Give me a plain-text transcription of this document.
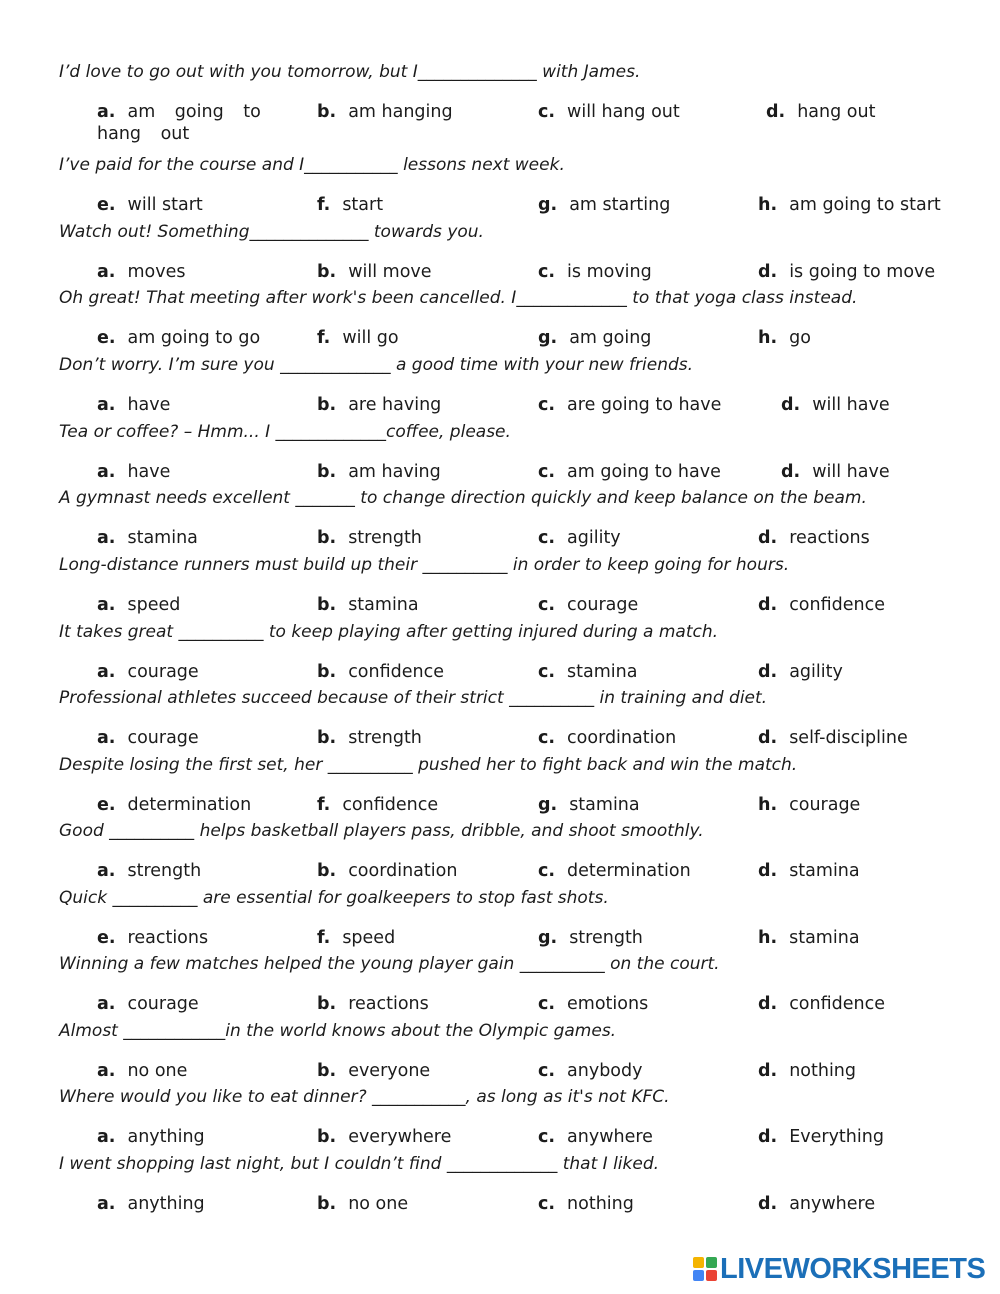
I’d love to go out with you tomorrow, but I______________ with James.
a. am going to hang out
b. am hanging	c. will hang out	d. hang out
I’ve paid for the course and I___________ lessons next week.
e. will start	f. start	g. am starting	h. am going to start
Watch out! Something______________ towards you.
a. moves	b. will move	c. is moving	d. is going to move
Oh great! That meeting after work's been cancelled. I_____________ to that yoga class instead.
e. am going to go	f. will go	g. am going	h. go
Don’t worry. I’m sure you _____________ a good time with your new friends.
a. have	b. are having	c. are going to have	d. will have
Tea or coffee? – Hmm... I _____________coffee, please.
a. have	b. am having	c. am going to have	d. will have
A gymnast needs excellent _______ to change direction quickly and keep balance on the beam.
a. stamina	b. strength	c. agility	d. reactions
Long-distance runners must build up their __________ in order to keep going for hours.
a. speed	b. stamina	c. courage	d. confidence
It takes great __________ to keep playing after getting injured during a match.
a. courage	b. confidence	c. stamina	d. agility
Professional athletes succeed because of their strict __________ in training and diet.
a. courage	b. strength	c. coordination	d. self-discipline
Despite losing the first set, her __________ pushed her to fight back and win the match.
e. determination	f. confidence	g. stamina	h. courage
Good __________ helps basketball players pass, dribble, and shoot smoothly.
a. strength	b. coordination	c. determination	d. stamina
Quick __________ are essential for goalkeepers to stop fast shots.
e. reactions	f. speed	g. strength	h. stamina
Winning a few matches helped the young player gain __________ on the court.
a. courage	b. reactions	c. emotions	d. confidence
Almost ____________in the world knows about the Olympic games.
a. no one	b. everyone	c. anybody	d. nothing
Where would you like to eat dinner? ___________, as long as it's not KFC.
a. anything	b. everywhere	c. anywhere	d. Everything
I went shopping last night, but I couldn’t find _____________ that I liked.
a. anything	b. no one	c. nothing	d. anywhere
LIVEWORKSHEETS
